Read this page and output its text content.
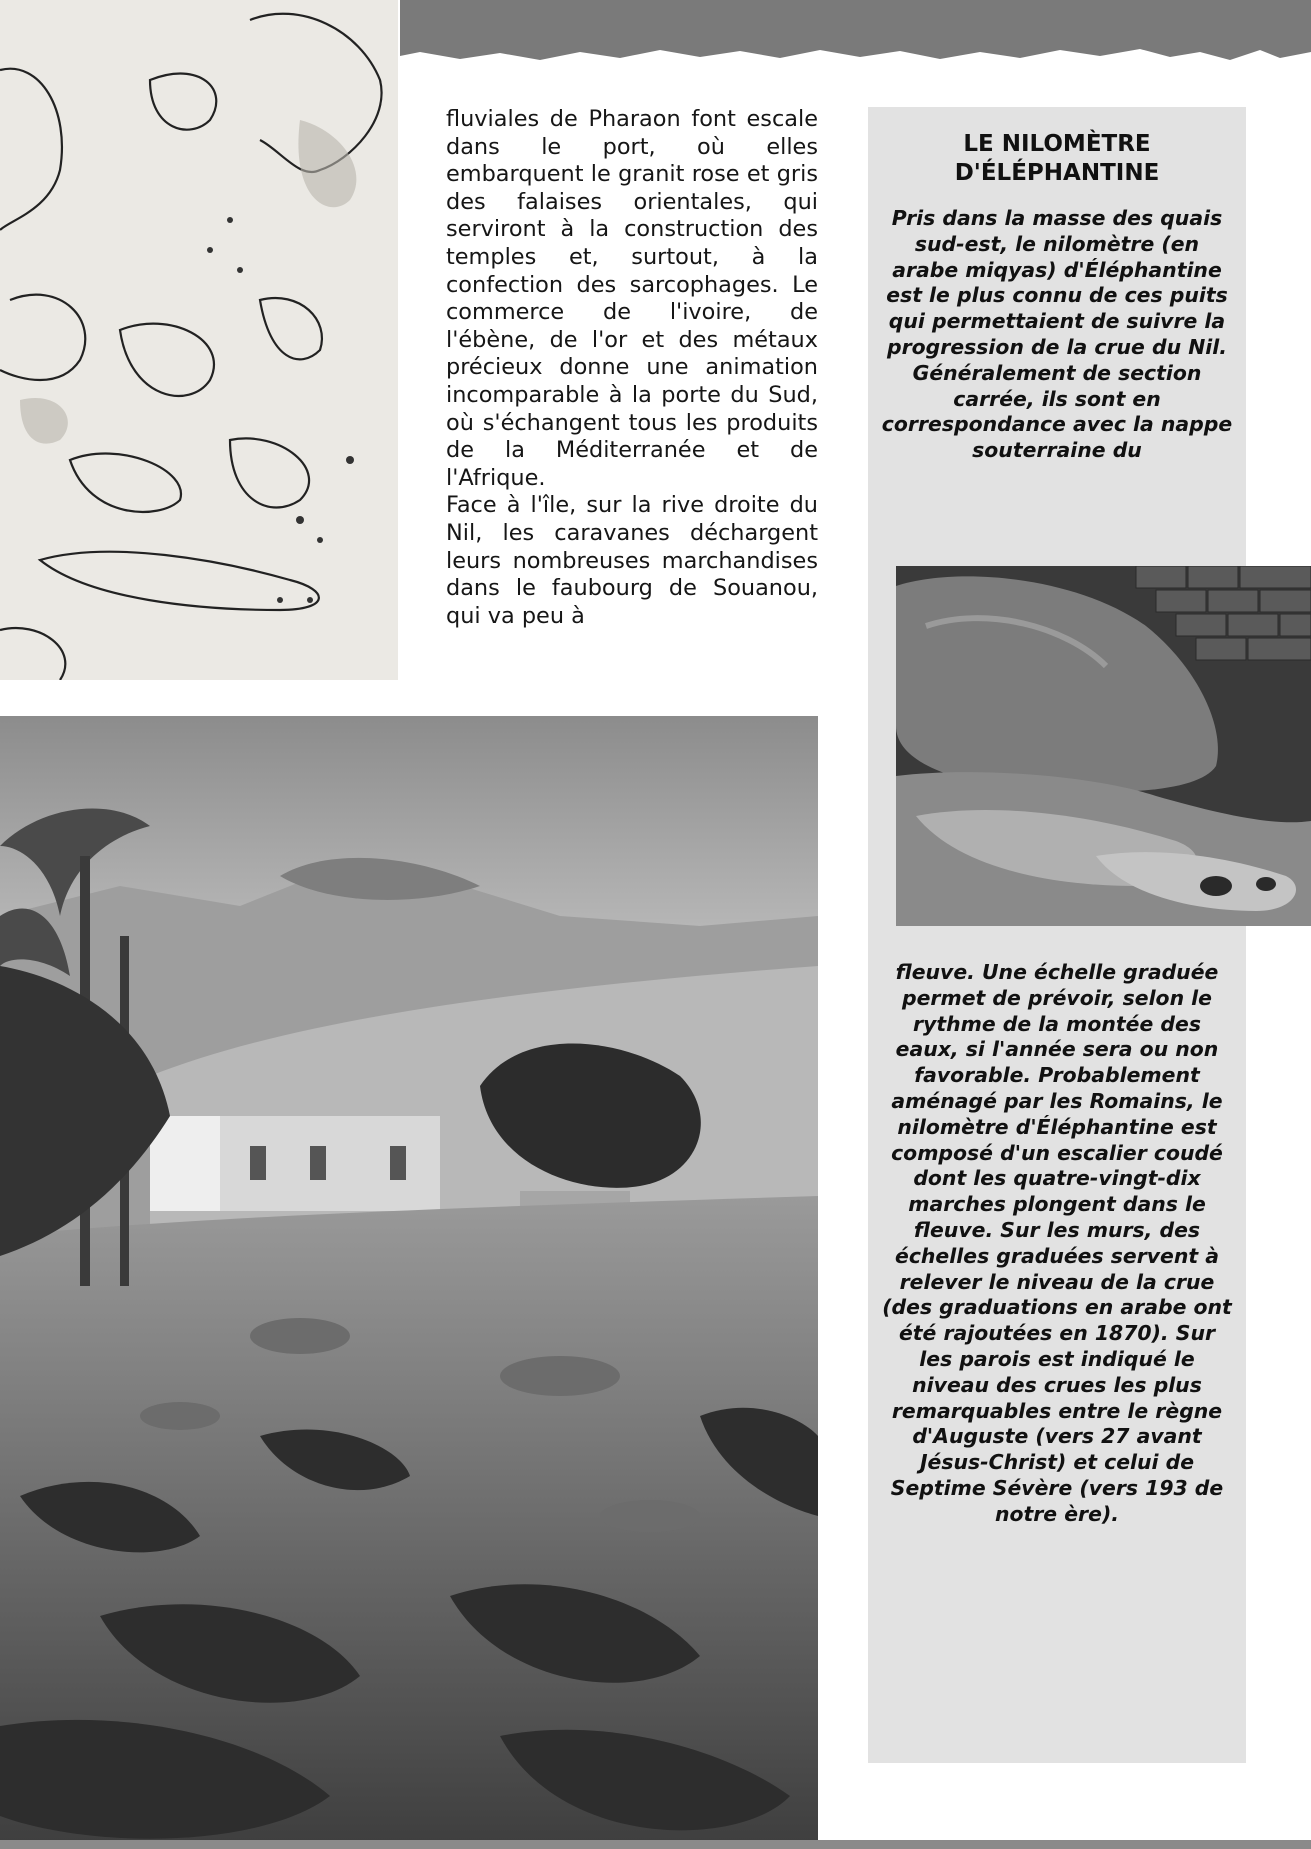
fluviales de Pharaon font escale dans le port, où elles embarquent le granit rose et gris des falaises orientales, qui serviront à la construction des temples et, surtout, à la confection des sarcophages. Le commerce de l'ivoire, de l'ébène, de l'or et des métaux précieux donne une animation incomparable à la porte du Sud, où s'échangent tous les produits de la Méditerranée et de l'Afrique.

Face à l'île, sur la rive droite du Nil, les caravanes déchargent leurs nombreuses marchandises dans le faubourg de Souanou, qui va peu à

LE NILOMÈTRE
D'ÉLÉPHANTINE
Pris dans la masse des quais sud-est, le nilomètre (en arabe miqyas) d'Éléphantine est le plus connu de ces puits qui permettaient de suivre la progression de la crue du Nil. Généralement de section carrée, ils sont en correspondance avec la nappe souterraine du
fleuve. Une échelle graduée permet de prévoir, selon le rythme de la montée des eaux, si l'année sera ou non favorable. Probablement aménagé par les Romains, le nilomètre d'Éléphantine est composé d'un escalier coudé dont les quatre-vingt-dix marches plongent dans le fleuve. Sur les murs, des échelles graduées servent à relever le niveau de la crue (des graduations en arabe ont été rajoutées en 1870). Sur les parois est indiqué le niveau des crues les plus remarquables entre le règne d'Auguste (vers 27 avant Jésus-Christ) et celui de Septime Sévère (vers 193 de notre ère).
